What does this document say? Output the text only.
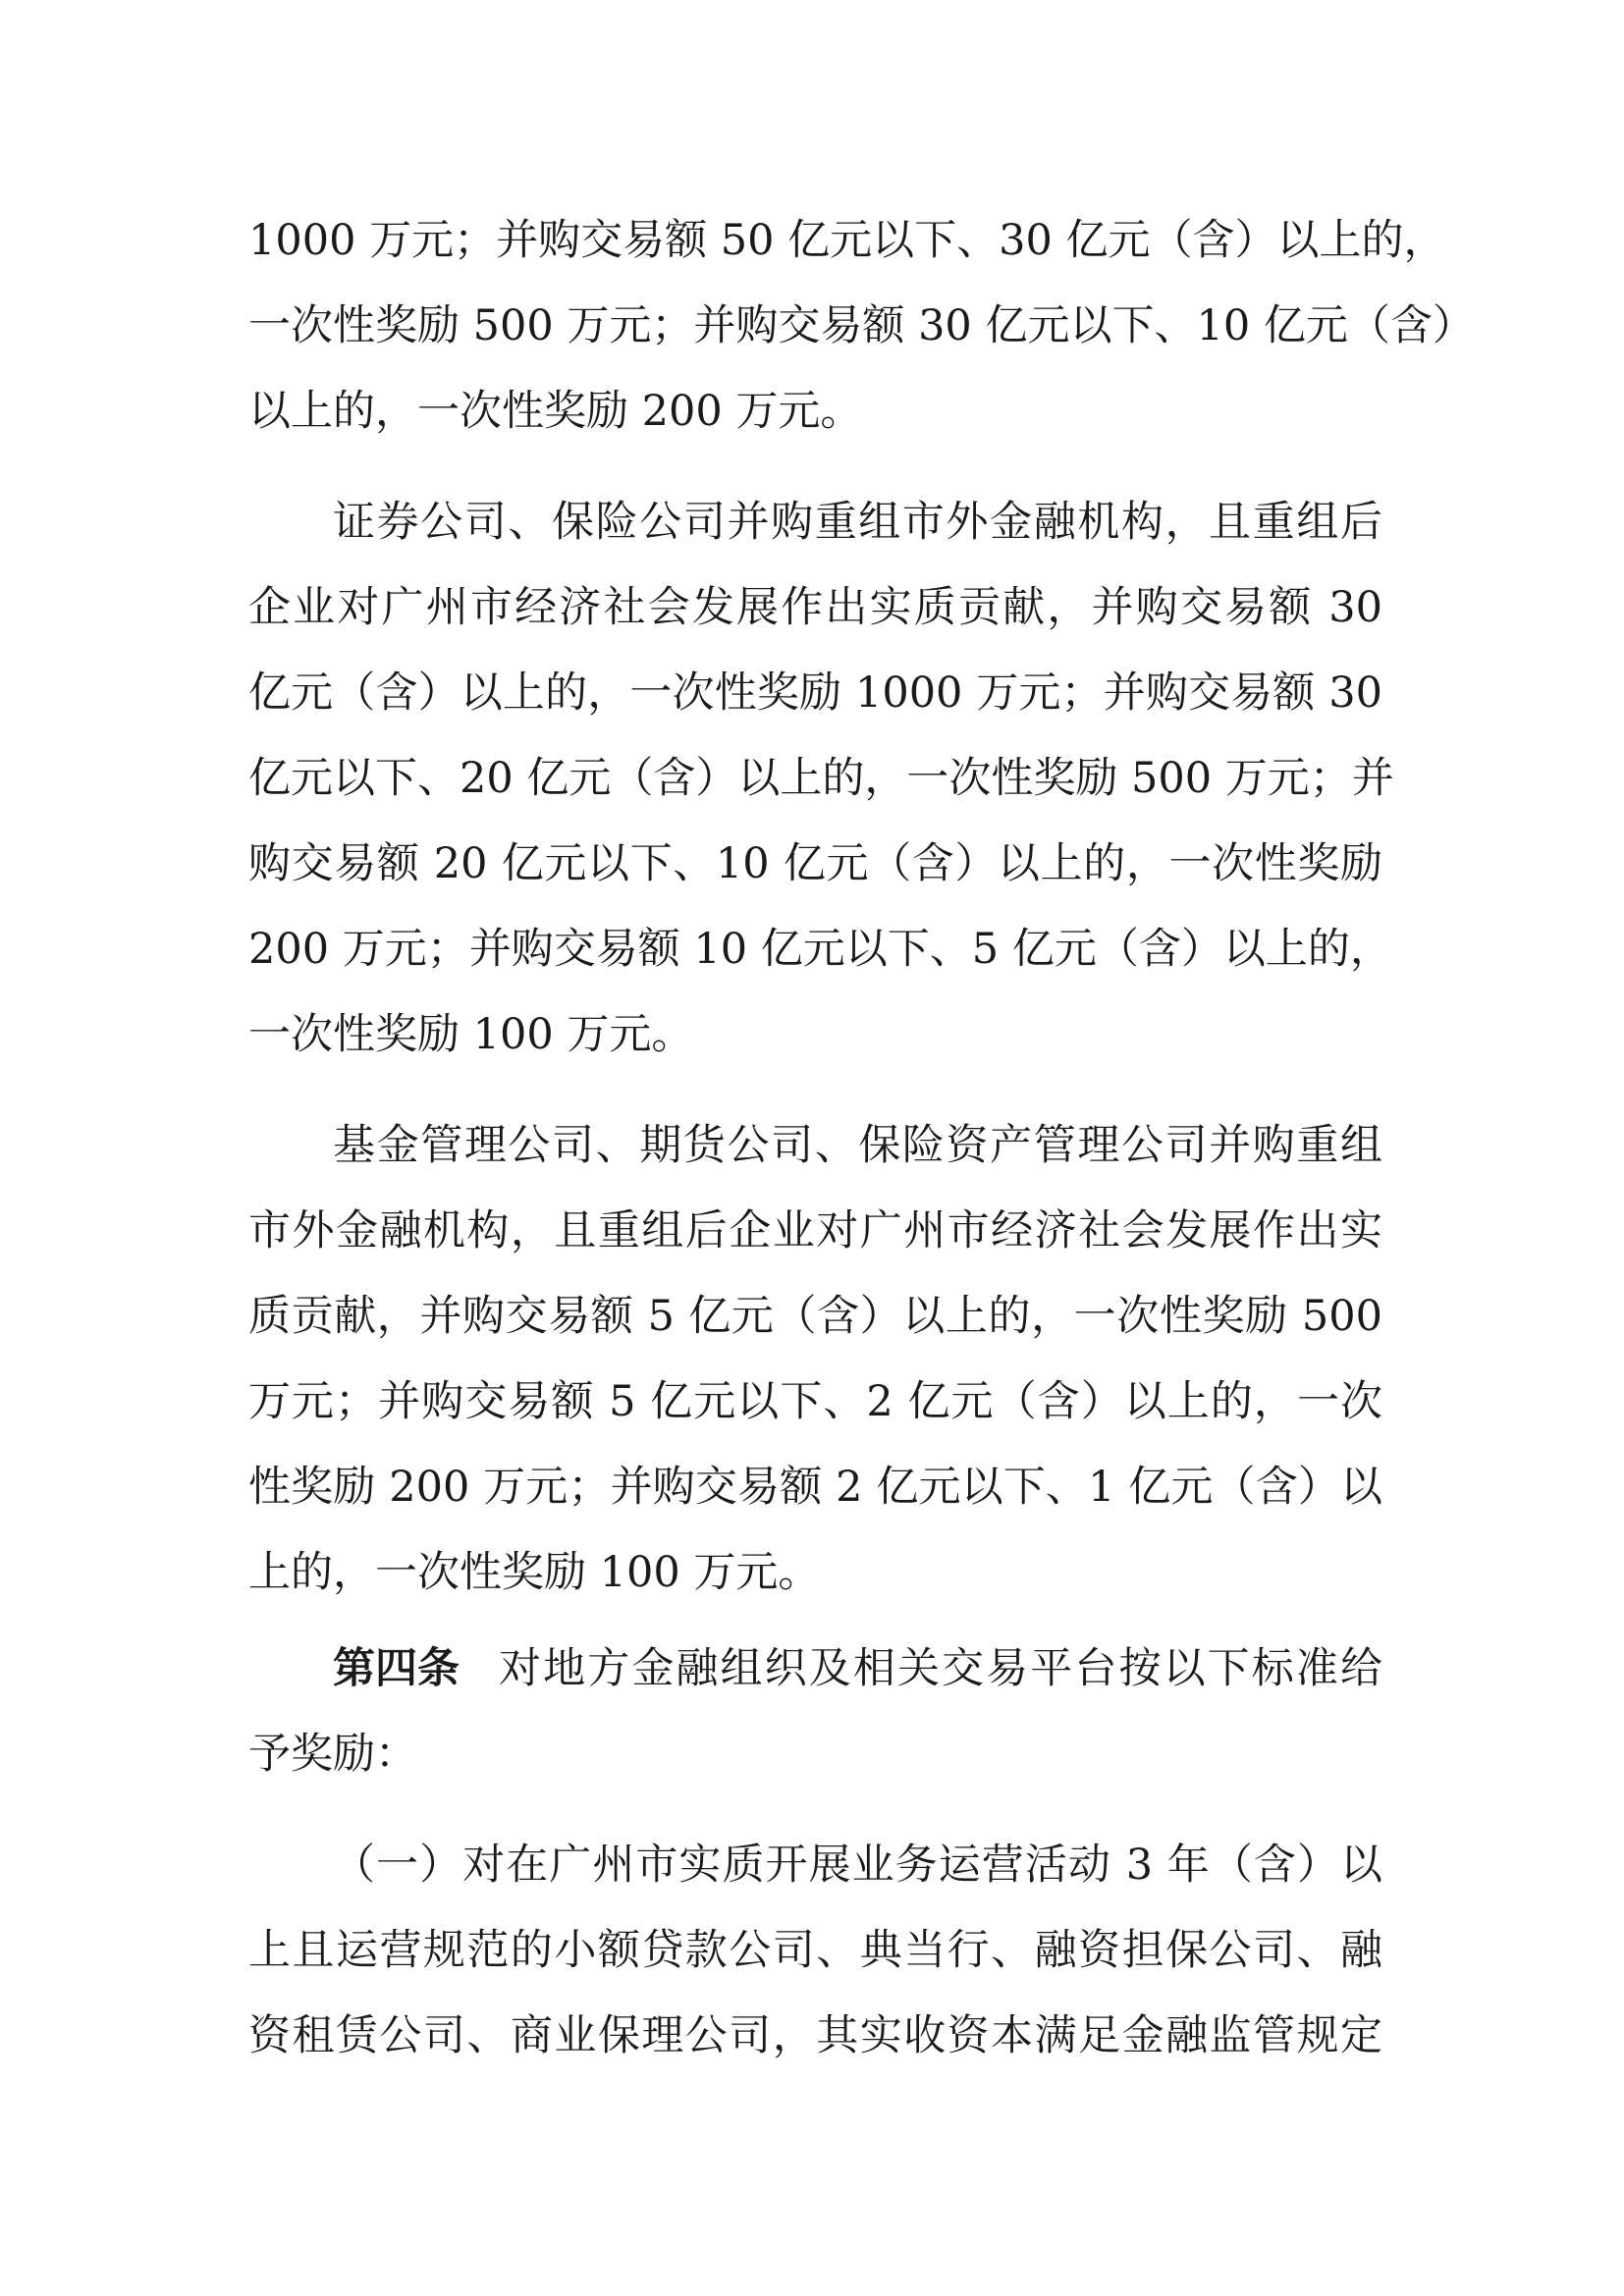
1000 万元；并购交易额 50 亿元以下、30 亿元（含）以上的，
一次性奖励 500 万元；并购交易额 30 亿元以下、10 亿元（含）
以上的，一次性奖励 200 万元。
证券公司、保险公司并购重组市外金融机构，且重组后
企业对广州市经济社会发展作出实质贡献，并购交易额 30
亿元（含）以上的，一次性奖励 1000 万元；并购交易额 30
亿元以下、20 亿元（含）以上的，一次性奖励 500 万元；并
购交易额 20 亿元以下、10 亿元（含）以上的，一次性奖励
200 万元；并购交易额 10 亿元以下、5 亿元（含）以上的，
一次性奖励 100 万元。
基金管理公司、期货公司、保险资产管理公司并购重组
市外金融机构，且重组后企业对广州市经济社会发展作出实
质贡献，并购交易额 5 亿元（含）以上的，一次性奖励 500
万元；并购交易额 5 亿元以下、2 亿元（含）以上的，一次
性奖励 200 万元；并购交易额 2 亿元以下、1 亿元（含）以
上的，一次性奖励 100 万元。
第四条 对地方金融组织及相关交易平台按以下标准给
予奖励：
（一）对在广州市实质开展业务运营活动 3 年（含）以
上且运营规范的小额贷款公司、典当行、融资担保公司、融
资租赁公司、商业保理公司，其实收资本满足金融监管规定
